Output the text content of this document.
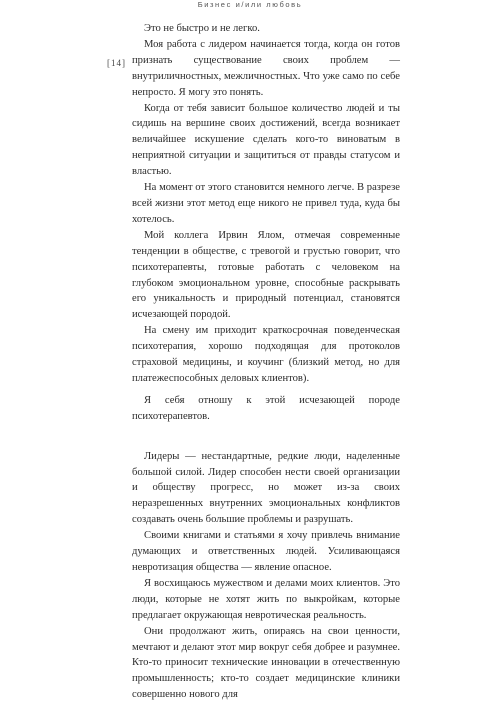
Бизнес и/или любовь
[14]

Это не быстро и не легко.

Моя работа с лидером начинается тогда, когда он готов признать существование своих проблем — внутриличностных, межличностных. Что уже само по себе непросто. Я могу это понять.

Когда от тебя зависит большое количество людей и ты сидишь на вершине своих достижений, всегда возникает величайшее искушение сделать кого-то виноватым в неприятной ситуации и защититься от правды статусом и властью.

На момент от этого становится немного легче. В разрезе всей жизни этот метод еще никого не привел туда, куда бы хотелось.

Мой коллега Ирвин Ялом, отмечая современные тенденции в обществе, с тревогой и грустью говорит, что психотерапевты, готовые работать с человеком на глубоком эмоциональном уровне, способные раскрывать его уникальность и природный потенциал, становятся исчезающей породой.

На смену им приходит краткосрочная поведенческая психотерапия, хорошо подходящая для протоколов страховой медицины, и коучинг (близкий метод, но для платежеспособных деловых клиентов).

Я себя отношу к этой исчезающей породе психотерапевтов.

Лидеры — нестандартные, редкие люди, наделенные большой силой. Лидер способен нести своей организации и обществу прогресс, но может из-за своих неразрешенных внутренних эмоциональных конфликтов создавать очень большие проблемы и разрушать.

Своими книгами и статьями я хочу привлечь внимание думающих и ответственных людей. Усиливающаяся невротизация общества — явление опасное.

Я восхищаюсь мужеством и делами моих клиентов. Это люди, которые не хотят жить по выкройкам, которые предлагает окружающая невротическая реальность.

Они продолжают жить, опираясь на свои ценности, мечтают и делают этот мир вокруг себя добрее и разумнее. Кто-то приносит технические инновации в отечественную промышленность; кто-то создает медицинские клиники совершенно нового для
